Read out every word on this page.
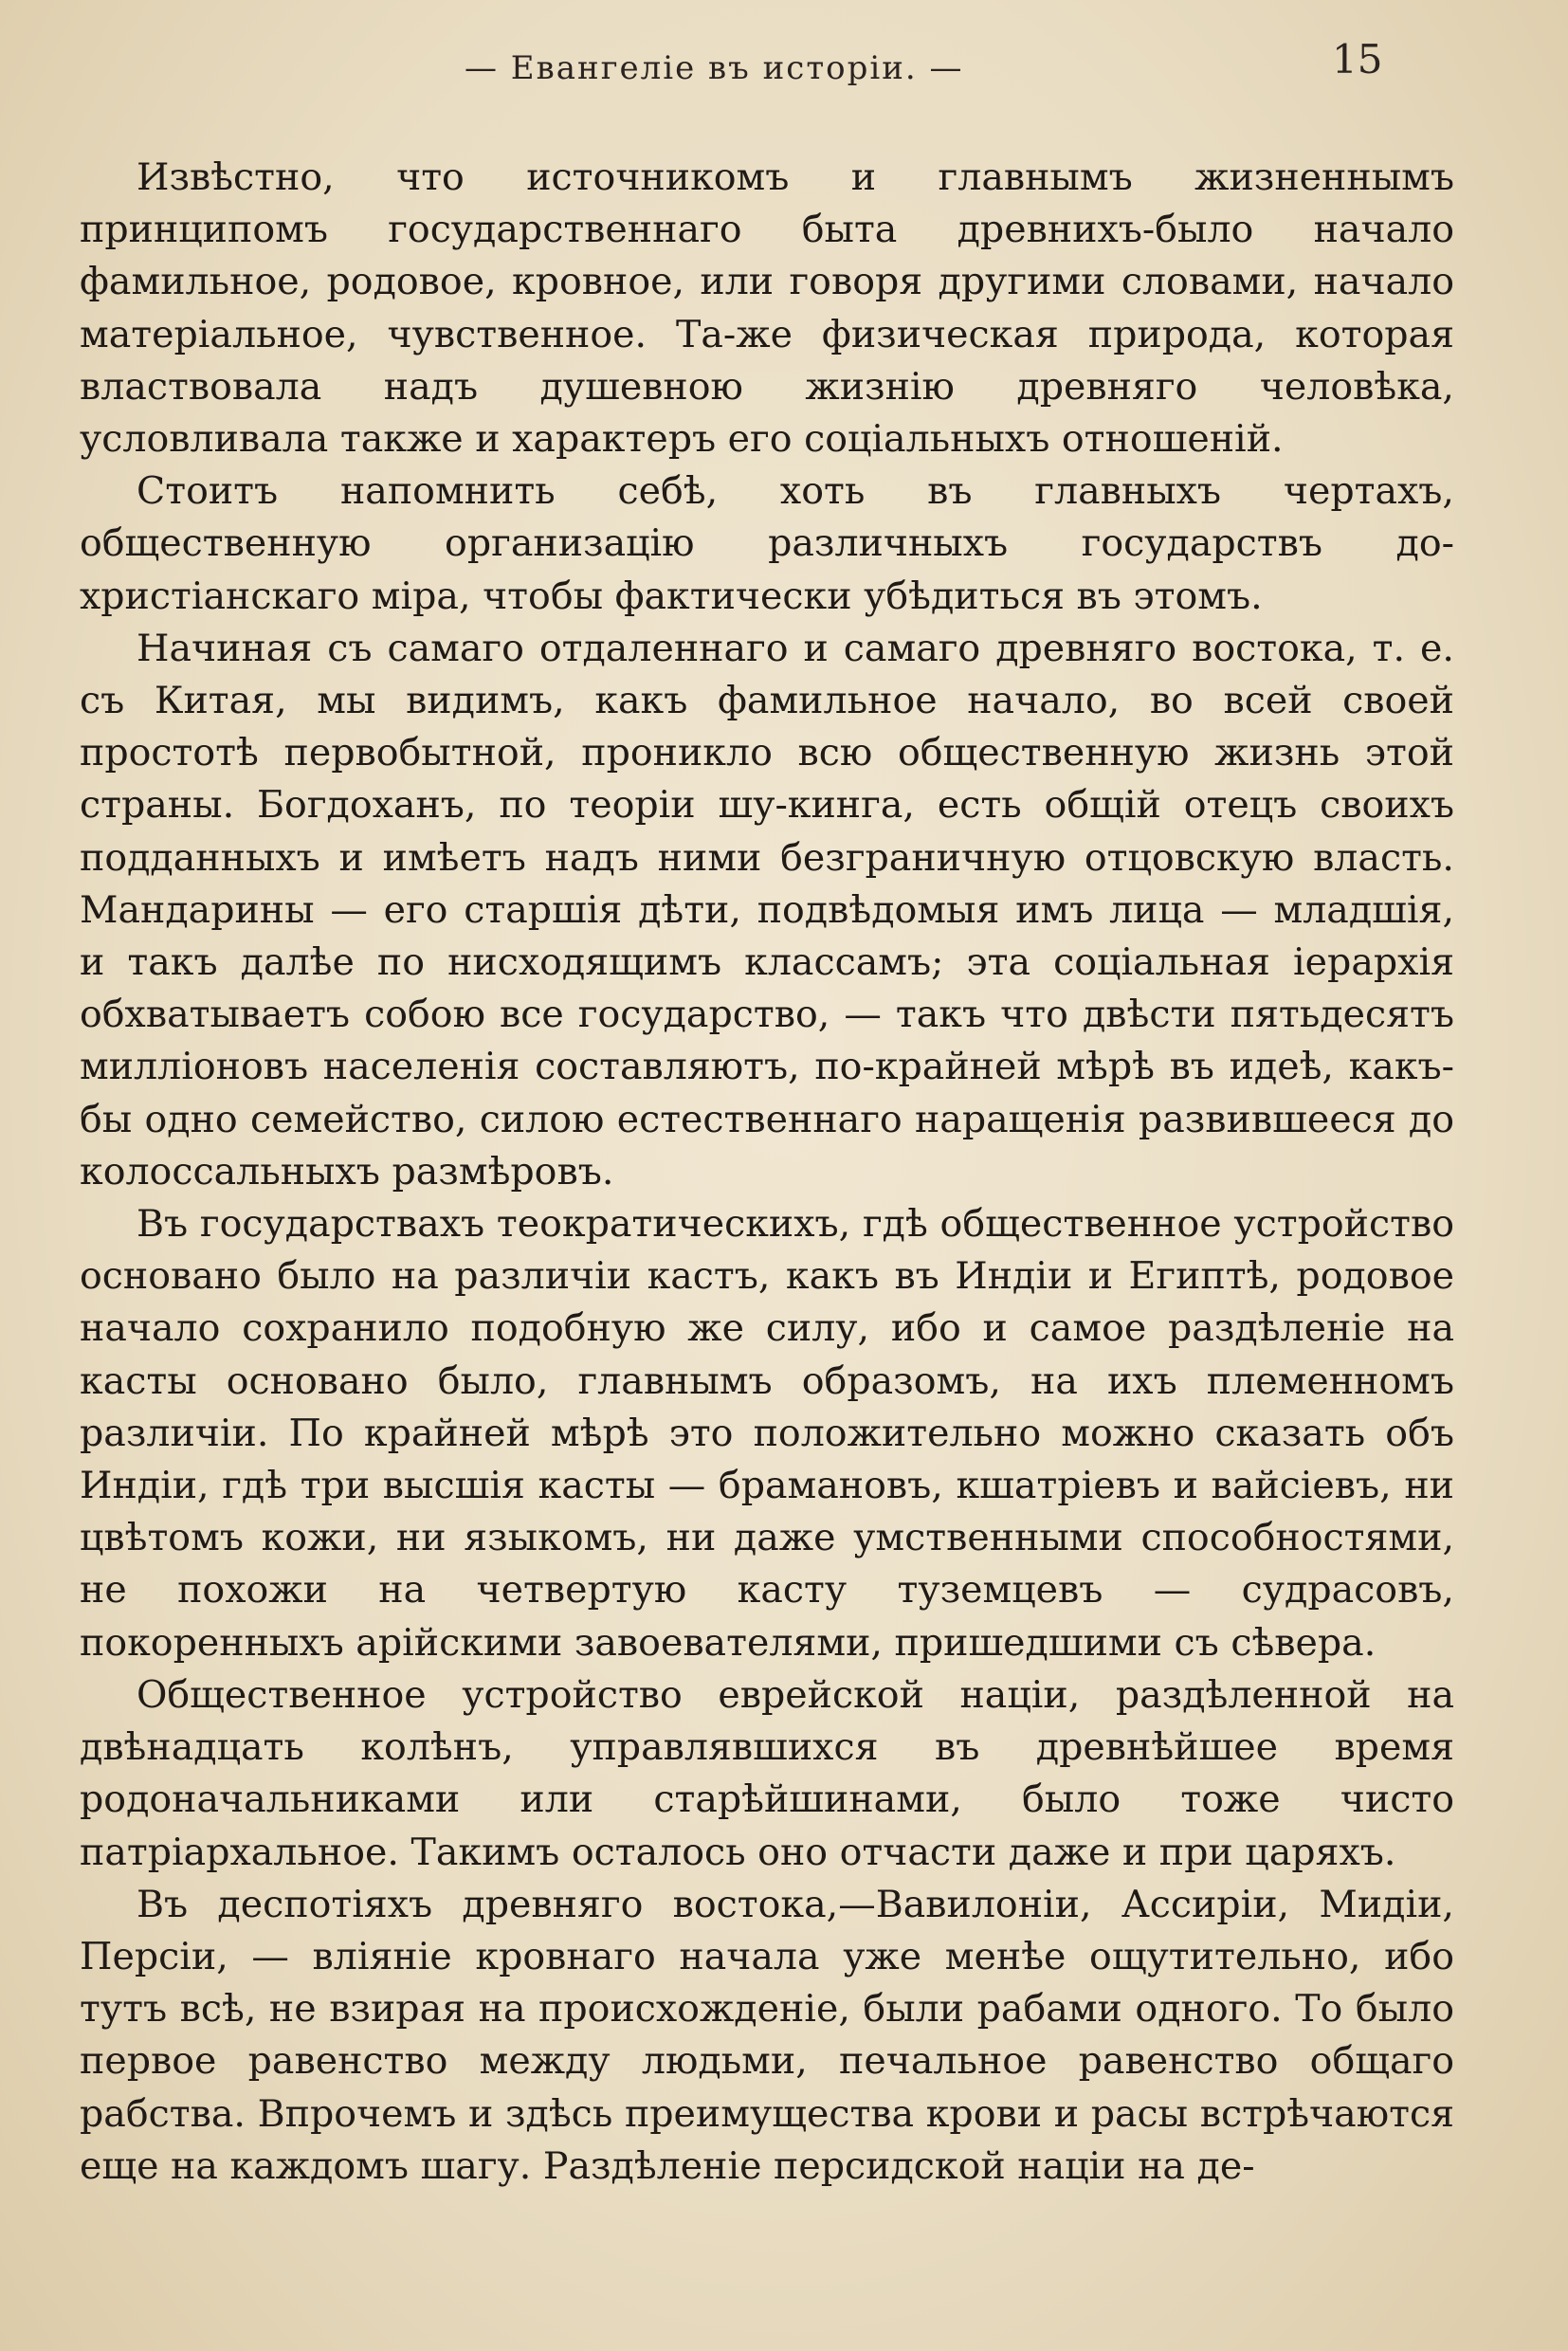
— Евангеліе въ исторіи. —	15

Извѣстно, что источникомъ и главнымъ жизненнымъ принципомъ государственнаго быта древнихъ-было начало фамильное, родовое, кровное, или говоря другими словами, начало матеріальное, чувственное. Та-же физическая природа, которая властвовала надъ душевною жизнію древняго человѣка, условливала также и характеръ его соціальныхъ отношеній.

Стоитъ напомнить себѣ, хоть въ главныхъ чертахъ, общественную организацію различныхъ государствъ до-христіанскаго міра, чтобы фактически убѣдиться въ этомъ.

Начиная съ самаго отдаленнаго и самаго древняго востока, т. е. съ Китая, мы видимъ, какъ фамильное начало, во всей своей простотѣ первобытной, проникло всю общественную жизнь этой страны. Богдоханъ, по теоріи шу-кинга, есть общій отецъ своихъ подданныхъ и имѣетъ надъ ними безграничную отцовскую власть. Мандарины — его старшія дѣти, подвѣдомыя имъ лица — младшія, и такъ далѣе по нисходящимъ классамъ; эта соціальная іерархія обхватываетъ собою все государство, — такъ что двѣсти пятьдесятъ милліоновъ населенія составляютъ, по-крайней мѣрѣ въ идеѣ, какъ-бы одно семейство, силою естественнаго наращенія развившееся до колоссальныхъ размѣровъ.

Въ государствахъ теократическихъ, гдѣ общественное устройство основано было на различіи кастъ, какъ въ Индіи и Египтѣ, родовое начало сохранило подобную же силу, ибо и самое раздѣленіе на касты основано было, главнымъ образомъ, на ихъ племенномъ различіи. По крайней мѣрѣ это положительно можно сказать объ Индіи, гдѣ три высшія касты — брамановъ, кшатріевъ и вайсіевъ, ни цвѣтомъ кожи, ни языкомъ, ни даже умственными способностями, не похожи на четвертую касту туземцевъ — судрасовъ, покоренныхъ арійскими завоевателями, пришедшими съ сѣвера.

Общественное устройство еврейской націи, раздѣленной на двѣнадцать колѣнъ, управлявшихся въ древнѣйшее время родоначальниками или старѣйшинами, было тоже чисто патріархальное. Такимъ осталось оно отчасти даже и при царяхъ.

Въ деспотіяхъ древняго востока,—Вавилоніи, Ассиріи, Мидіи, Персіи, — вліяніе кровнаго начала уже менѣе ощутительно, ибо тутъ всѣ, не взирая на происхожденіе, были рабами одного. То было первое равенство между людьми, печальное равенство общаго рабства. Впрочемъ и здѣсь преимущества крови и расы встрѣчаются еще на каждомъ шагу. Раздѣленіе персидской націи на де-
